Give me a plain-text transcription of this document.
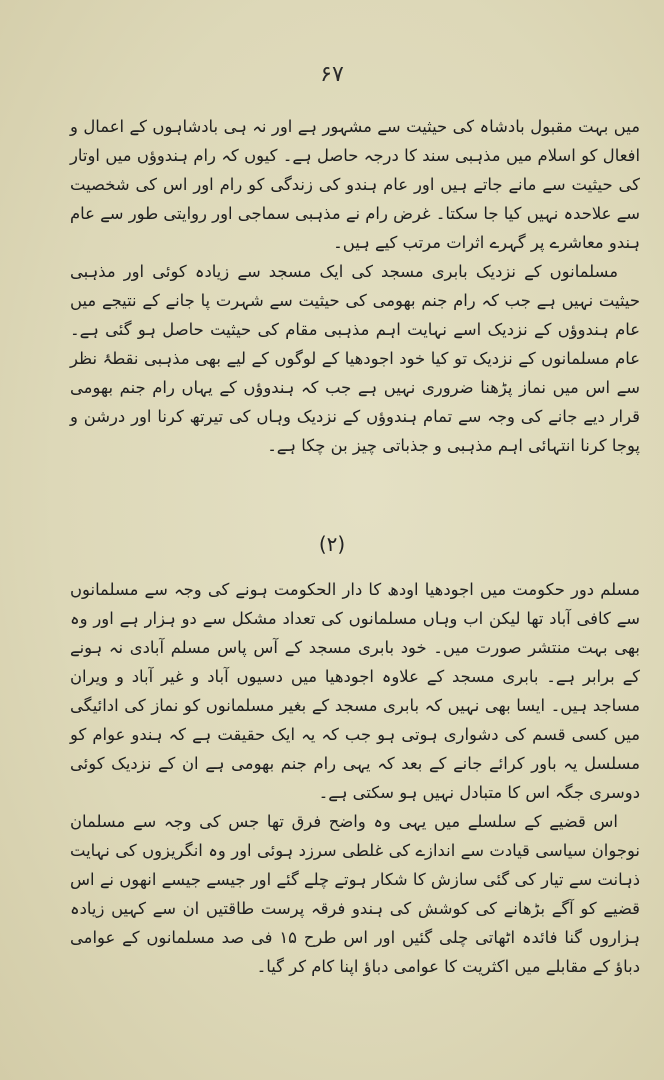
۶۷

میں بہت مقبول بادشاہ کی حیثیت سے مشہور ہے اور نہ ہی بادشاہوں کے اعمال و افعال کو اسلام میں مذہبی سند کا درجہ حاصل ہے۔ کیوں کہ رام ہندوؤں میں اوتار کی حیثیت سے مانے جاتے ہیں اور عام ہندو کی زندگی کو رام اور اس کی شخصیت سے علاحدہ نہیں کیا جا سکتا۔ غرض رام نے مذہبی سماجی اور روایتی طور سے عام ہندو معاشرے پر گہرے اثرات مرتب کیے ہیں۔

مسلمانوں کے نزدیک بابری مسجد کی ایک مسجد سے زیادہ کوئی اور مذہبی حیثیت نہیں ہے جب کہ رام جنم بھومی کی حیثیت سے شہرت پا جانے کے نتیجے میں عام ہندوؤں کے نزدیک اسے نہایت اہم مذہبی مقام کی حیثیت حاصل ہو گئی ہے۔ عام مسلمانوں کے نزدیک تو کیا خود اجودھیا کے لوگوں کے لیے بھی مذہبی نقطۂ نظر سے اس میں نماز پڑھنا ضروری نہیں ہے جب کہ ہندوؤں کے یہاں رام جنم بھومی قرار دیے جانے کی وجہ سے تمام ہندوؤں کے نزدیک وہاں کی تیرتھ کرنا اور درشن و پوجا کرنا انتہائی اہم مذہبی و جذباتی چیز بن چکا ہے۔

(۲)

مسلم دور حکومت میں اجودھیا اودھ کا دار الحکومت ہونے کی وجہ سے مسلمانوں سے کافی آباد تھا لیکن اب وہاں مسلمانوں کی تعداد مشکل سے دو ہزار ہے اور وہ بھی بہت منتشر صورت میں۔ خود بابری مسجد کے آس پاس مسلم آبادی نہ ہونے کے برابر ہے۔ بابری مسجد کے علاوہ اجودھیا میں دسیوں آباد و غیر آباد و ویران مساجد ہیں۔ ایسا بھی نہیں کہ بابری مسجد کے بغیر مسلمانوں کو نماز کی ادائیگی میں کسی قسم کی دشواری ہوتی ہو جب کہ یہ ایک حقیقت ہے کہ ہندو عوام کو مسلسل یہ باور کرائے جانے کے بعد کہ یہی رام جنم بھومی ہے ان کے نزدیک کوئی دوسری جگہ اس کا متبادل نہیں ہو سکتی ہے۔

اس قضیے کے سلسلے میں یہی وہ واضح فرق تھا جس کی وجہ سے مسلمان نوجوان سیاسی قیادت سے اندازے کی غلطی سرزد ہوئی اور وہ انگریزوں کی نہایت ذہانت سے تیار کی گئی سازش کا شکار ہوتے چلے گئے اور جیسے جیسے انھوں نے اس قضیے کو آگے بڑھانے کی کوشش کی ہندو فرقہ پرست طاقتیں ان سے کہیں زیادہ ہزاروں گنا فائدہ اٹھاتی چلی گئیں اور اس طرح ۱۵ فی صد مسلمانوں کے عوامی دباؤ کے مقابلے میں اکثریت کا عوامی دباؤ اپنا کام کر گیا۔
